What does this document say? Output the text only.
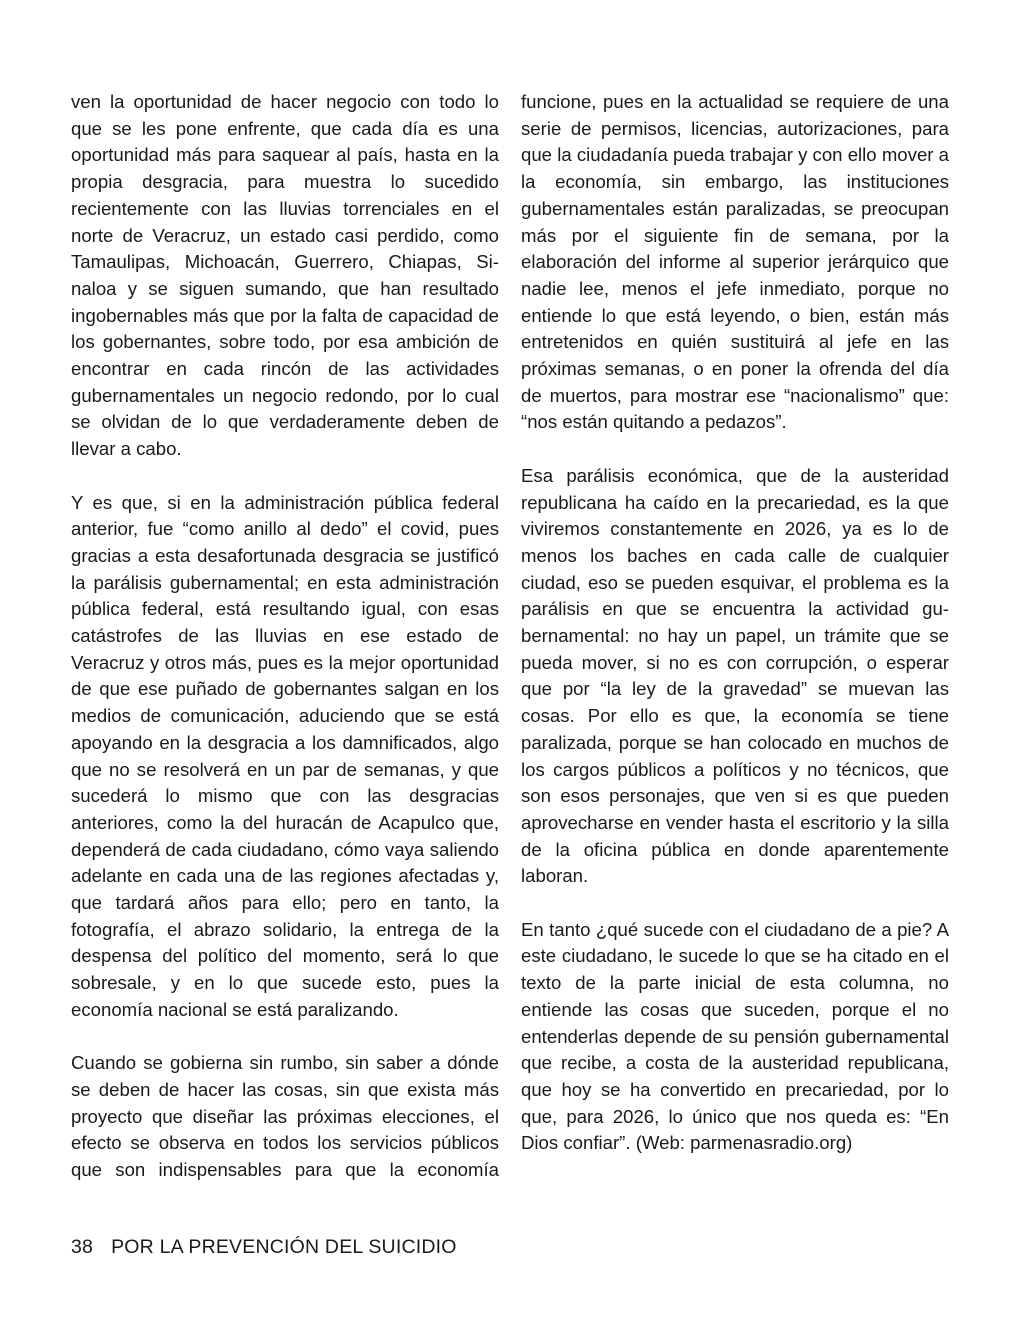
ven la oportunidad de hacer negocio con todo lo que se les pone enfrente, que cada día es una oportunidad más para saquear al país, hasta en la propia desgracia, para muestra lo sucedido recientemente con las lluvias torrenciales en el norte de Veracruz, un estado casi perdido, como Tamaulipas, Michoacán, Guerrero, Chiapas, Sinaloa y se siguen sumando, que han resultado ingobernables más que por la falta de capacidad de los gobernantes, sobre todo, por esa ambición de encontrar en cada rincón de las actividades gubernamentales un negocio redondo, por lo cual se olvidan de lo que verdaderamente deben de llevar a cabo.

Y es que, si en la administración pública federal anterior, fue “como anillo al dedo” el covid, pues gracias a esta desafortunada desgracia se justificó la parálisis gubernamental; en esta administración pública federal, está resultando igual, con esas catástrofes de las lluvias en ese estado de Veracruz y otros más, pues es la mejor oportunidad de que ese puñado de gobernantes salgan en los medios de comunicación, aduciendo que se está apoyando en la desgracia a los damnificados, algo que no se resolverá en un par de semanas, y que sucederá lo mismo que con las desgracias anteriores, como la del huracán de Acapulco que, dependerá de cada ciudadano, cómo vaya saliendo adelante en cada una de las regiones afectadas y, que tardará años para ello; pero en tanto, la fotografía, el abrazo solidario, la entrega de la despensa del político del momento, será lo que sobresale, y en lo que sucede esto, pues la economía nacional se está paralizando.

Cuando se gobierna sin rumbo, sin saber a dónde se deben de hacer las cosas, sin que exista más proyecto que diseñar las próximas elecciones, el efecto se observa en todos los servicios públicos que son indispensables para que la economía

funcione, pues en la actualidad se requiere de una serie de permisos, licencias, autorizaciones, para que la ciudadanía pueda trabajar y con ello mover a la economía, sin embargo, las instituciones gubernamentales están paralizadas, se preocupan más por el siguiente fin de semana, por la elaboración del informe al superior jerárquico que nadie lee, menos el jefe inmediato, porque no entiende lo que está leyendo, o bien, están más entretenidos en quién sustituirá al jefe en las próximas semanas, o en poner la ofrenda del día de muertos, para mostrar ese “nacionalismo” que: “nos están quitando a pedazos”.

Esa parálisis económica, que de la austeridad republicana ha caído en la precariedad, es la que viviremos constantemente en 2026, ya es lo de menos los baches en cada calle de cualquier ciudad, eso se pueden esquivar, el problema es la parálisis en que se encuentra la actividad gubernamental: no hay un papel, un trámite que se pueda mover, si no es con corrupción, o esperar que por “la ley de la gravedad” se muevan las cosas. Por ello es que, la economía se tiene paralizada, porque se han colocado en muchos de los cargos públicos a políticos y no técnicos, que son esos personajes, que ven si es que pueden aprovecharse en vender hasta el escritorio y la silla de la oficina pública en donde aparentemente laboran.

En tanto ¿qué sucede con el ciudadano de a pie? A este ciudadano, le sucede lo que se ha citado en el texto de la parte inicial de esta columna, no entiende las cosas que suceden, porque el no entenderlas depende de su pensión gubernamental que recibe, a costa de la austeridad republicana, que hoy se ha convertido en precariedad, por lo que, para 2026, lo único que nos queda es: “En Dios confiar”. (Web: parmenasradio.org)

38 POR LA PREVENCIÓN DEL SUICIDIO
